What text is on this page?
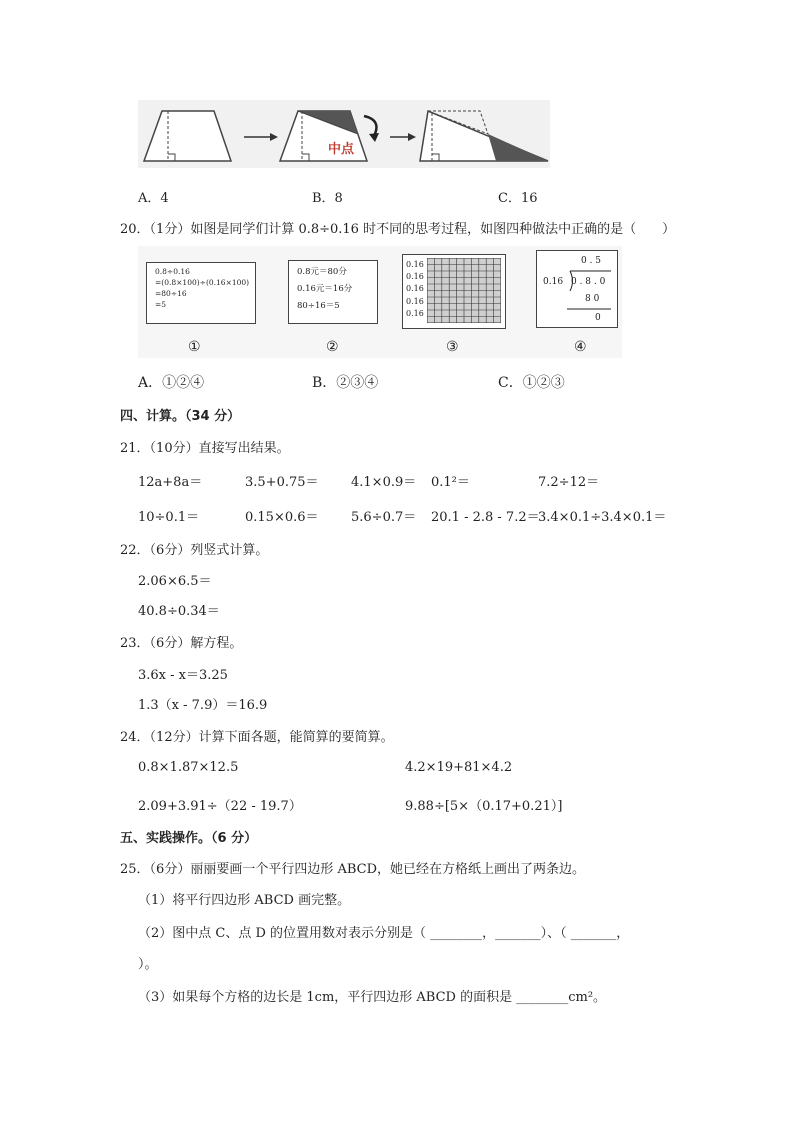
中点
A．4	B．8	C．16
20．（1分）如图是同学们计算 0.8÷0.16 时不同的思考过程，如图四种做法中正确的是（　　）
0.8÷0.16
=(0.8×100)÷(0.16×100)
=80÷16
=5
0.8元＝80分
0.16元＝16分
80÷16＝5
0.16
0.16
0.16
0.16
0.16
0 . 5
0.16 0 . 8 . 0
8 0
0
①	②	③	④
A．①②④	B．②③④	C．①②③
四、计算。（34 分）
21．（10分）直接写出结果。
12a+8a＝	3.5+0.75＝ 4.1×0.9＝ 0.1²＝	7.2÷12＝
10÷0.1＝	0.15×0.6＝ 5.6÷0.7＝ 20.1 - 2.8 - 7.2＝
3.4×0.1÷3.4×0.1＝
22．（6分）列竖式计算。
2.06×6.5＝
40.8÷0.34＝
23．（6分）解方程。
3.6x - x＝3.25
1.3（x - 7.9）＝16.9
24．（12分）计算下面各题，能简算的要简算。
0.8×1.87×12.5	4.2×19+81×4.2
2.09+3.91÷（22 - 19.7）	9.88÷[5×（0.17+0.21）]
五、实践操作。（6 分）
25．（6分）丽丽要画一个平行四边形 ABCD，她已经在方格纸上画出了两条边。
（1）将平行四边形 ABCD 画完整。
（2）图中点 C、点 D 的位置用数对表示分别是（ ________，_______）、（ _______，
）。
（3）如果每个方格的边长是 1cm，平行四边形 ABCD 的面积是 ________cm²。
